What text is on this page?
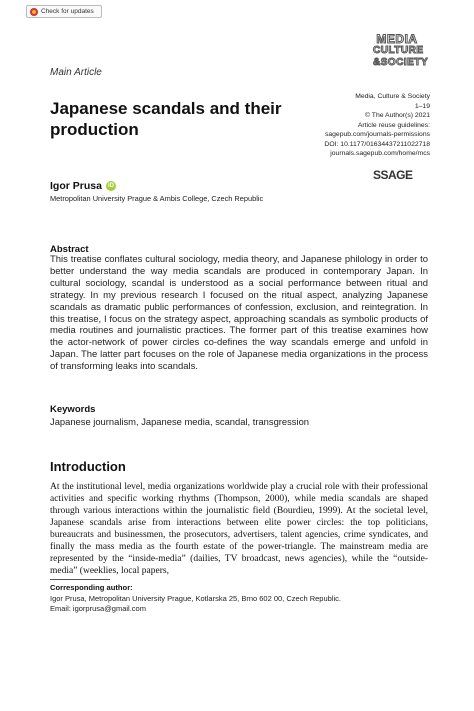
Check for updates
Main Article
MEDIA
CULTURE
&SOCIETY
Japanese scandals and their production
Media, Culture & Society
1–19
© The Author(s) 2021
Article reuse guidelines:
sagepub.com/journals-permissions
DOI: 10.1177/01634437211022718
journals.sagepub.com/home/mcs
SSAGE
Igor Prusa	iD
Metropolitan University Prague & Ambis College, Czech Republic
Abstract
This treatise conflates cultural sociology, media theory, and Japanese philology in order to better understand the way media scandals are produced in contemporary Japan. In cultural sociology, scandal is understood as a social performance between ritual and strategy. In my previous research I focused on the ritual aspect, analyzing Japanese scandals as dramatic public performances of confession, exclusion, and reintegration. In this treatise, I focus on the strategy aspect, approaching scandals as symbolic products of media routines and journalistic practices. The former part of this treatise examines how the actor-network of power circles co-defines the way scandals emerge and unfold in Japan. The latter part focuses on the role of Japanese media organizations in the process of transforming leaks into scandals.
Keywords
Japanese journalism, Japanese media, scandal, transgression
Introduction
At the institutional level, media organizations worldwide play a crucial role with their professional activities and specific working rhythms (Thompson, 2000), while media scandals are shaped through various interactions within the journalistic field (Bourdieu, 1999). At the societal level, Japanese scandals arise from interactions between elite power circles: the top politicians, bureaucrats and businessmen, the prosecutors, advertisers, talent agencies, crime syndicates, and finally the mass media as the fourth estate of the power-triangle. The mainstream media are represented by the “inside-media” (dailies, TV broadcast, news agencies), while the “outside-media” (weeklies, local papers,
Corresponding author:
Igor Prusa, Metropolitan University Prague, Kotlarska 25, Brno 602 00, Czech Republic.
Email: igorprusa@gmail.com
